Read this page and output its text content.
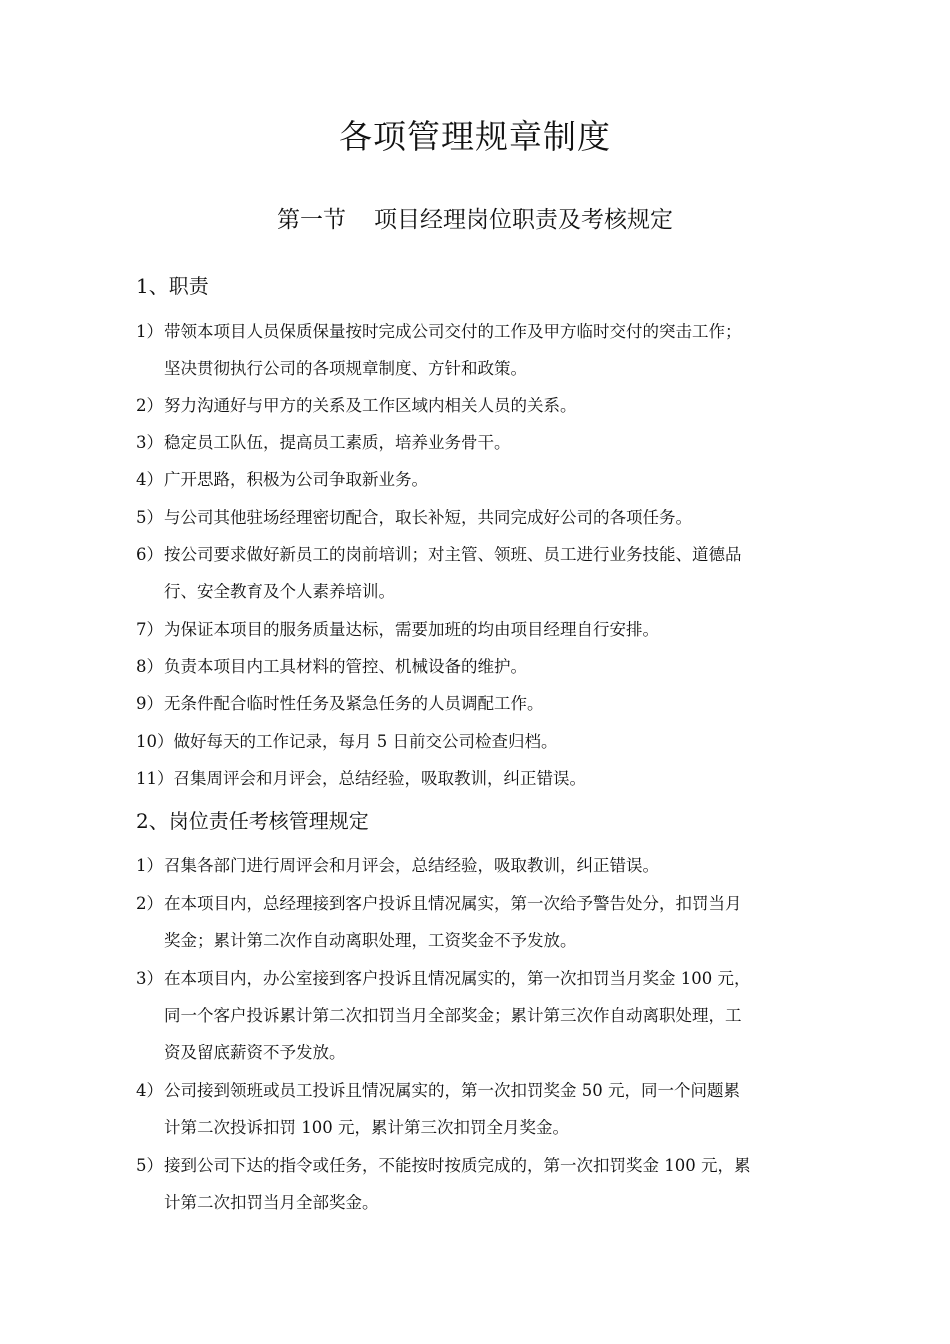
各项管理规章制度
第一节 项目经理岗位职责及考核规定
1、职责
1）带领本项目人员保质保量按时完成公司交付的工作及甲方临时交付的突击工作；
坚决贯彻执行公司的各项规章制度、方针和政策。
2）努力沟通好与甲方的关系及工作区域内相关人员的关系。
3）稳定员工队伍，提高员工素质，培养业务骨干。
4）广开思路，积极为公司争取新业务。
5）与公司其他驻场经理密切配合，取长补短，共同完成好公司的各项任务。
6）按公司要求做好新员工的岗前培训；对主管、领班、员工进行业务技能、道德品
行、安全教育及个人素养培训。
7）为保证本项目的服务质量达标，需要加班的均由项目经理自行安排。
8）负责本项目内工具材料的管控、机械设备的维护。
9）无条件配合临时性任务及紧急任务的人员调配工作。
10）做好每天的工作记录，每月 5 日前交公司检查归档。
11）召集周评会和月评会，总结经验，吸取教训，纠正错误。
2、岗位责任考核管理规定
1）召集各部门进行周评会和月评会，总结经验，吸取教训，纠正错误。
2）在本项目内，总经理接到客户投诉且情况属实，第一次给予警告处分，扣罚当月
奖金；累计第二次作自动离职处理，工资奖金不予发放。
3）在本项目内，办公室接到客户投诉且情况属实的，第一次扣罚当月奖金 100 元，
同一个客户投诉累计第二次扣罚当月全部奖金；累计第三次作自动离职处理，工
资及留底薪资不予发放。
4）公司接到领班或员工投诉且情况属实的，第一次扣罚奖金 50 元，同一个问题累
计第二次投诉扣罚 100 元，累计第三次扣罚全月奖金。
5）接到公司下达的指令或任务，不能按时按质完成的，第一次扣罚奖金 100 元，累
计第二次扣罚当月全部奖金。
